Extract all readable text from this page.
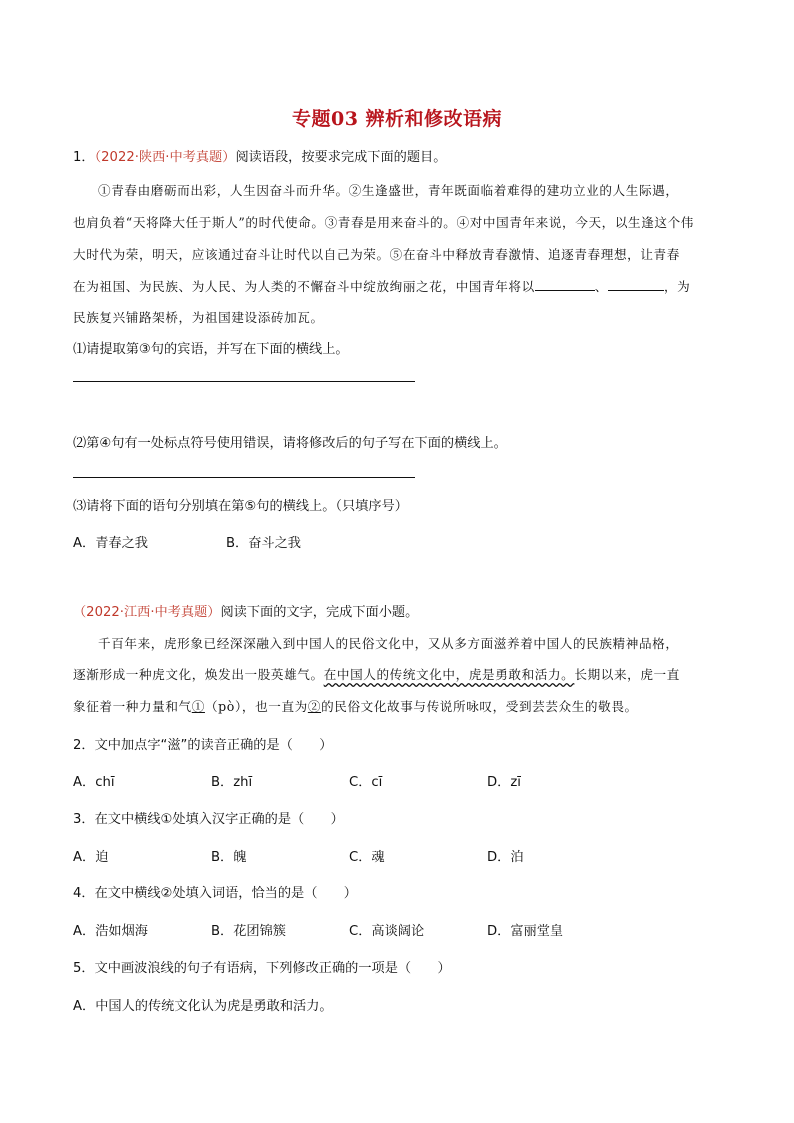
专题03 辨析和修改语病
1．（2022·陕西·中考真题）阅读语段，按要求完成下面的题目。
①青春由磨砺而出彩，人生因奋斗而升华。②生逢盛世，青年既面临着难得的建功立业的人生际遇，
也肩负着“天将降大任于斯人”的时代使命。③青春是用来奋斗的。④对中国青年来说，今天，以生逢这个伟
大时代为荣，明天，应该通过奋斗让时代以自己为荣。⑤在奋斗中释放青春激情、追逐青春理想，让青春
在为祖国、为民族、为人民、为人类的不懈奋斗中绽放绚丽之花，中国青年将以	、	，为
民族复兴铺路架桥，为祖国建设添砖加瓦。
⑴请提取第③句的宾语，并写在下面的横线上。
⑵第④句有一处标点符号使用错误，请将修改后的句子写在下面的横线上。
⑶请将下面的语句分别填在第⑤句的横线上。（只填序号）
A．青春之我	B．奋斗之我
（2022·江西·中考真题）阅读下面的文字，完成下面小题。
千百年来，虎形象已经深深融入到中国人的民俗文化中，又从多方面滋养着中国人的民族精神品格，
逐渐形成一种虎文化，焕发出一股英雄气。在中国人的传统文化中，虎是勇敢和活力。长期以来，虎一直
象征着一种力量和气①（pò），也一直为②的民俗文化故事与传说所咏叹，受到芸芸众生的敬畏。
2．文中加点字“滋”的读音正确的是（　　）
A．chī	B．zhī	C．cī	D．zī
3．在文中横线①处填入汉字正确的是（　　）
A．迫	B．魄	C．魂	D．泊
4．在文中横线②处填入词语，恰当的是（　　）
A．浩如烟海	B．花团锦簇	C．高谈阔论	D．富丽堂皇
5．文中画波浪线的句子有语病，下列修改正确的一项是（　　）
A．中国人的传统文化认为虎是勇敢和活力。
